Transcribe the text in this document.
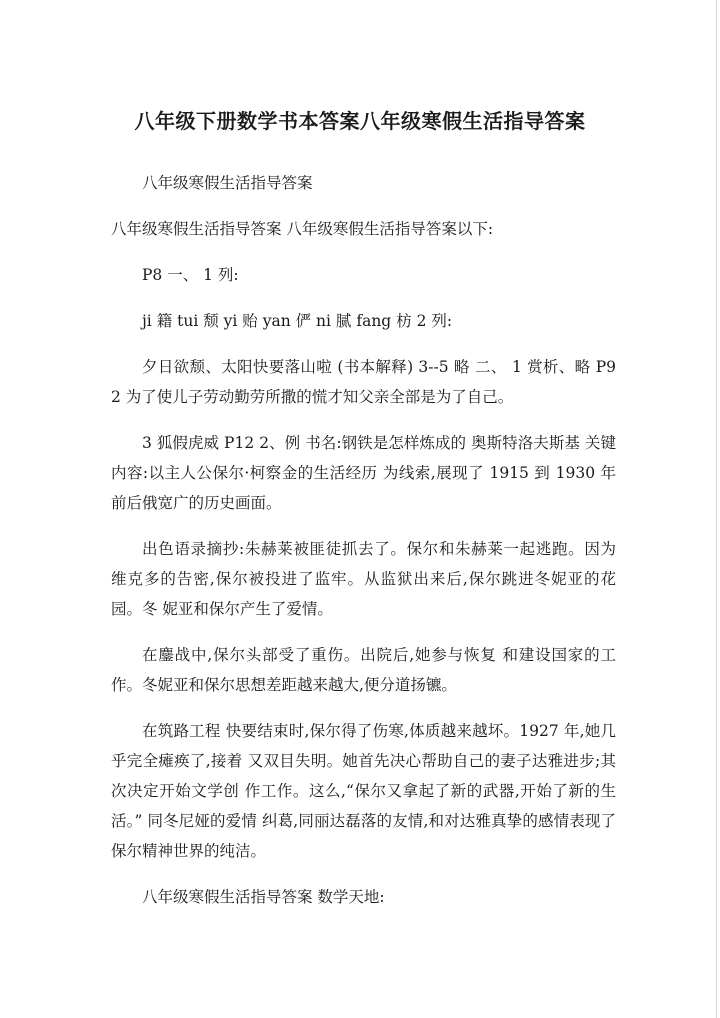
八年级下册数学书本答案八年级寒假生活指导答案

八年级寒假生活指导答案

八年级寒假生活指导答案 八年级寒假生活指导答案以下:

P8 一、 1 列:

ji 籍 tui 颓 yi 贻 yan 俨 ni 腻 fang 枋 2 列:

夕日欲颓、太阳快要落山啦 (书本解释) 3--5 略 二、 1 赏析、略 P9 2 为了使儿子劳动勤劳所撒的慌才知父亲全部是为了自己。

3 狐假虎威 P12 2、例 书名:钢铁是怎样炼成的 奥斯特洛夫斯基 关键内容:以主人公保尔·柯察金的生活经历 为线索,展现了 1915 到 1930 年前后俄宽广的历史画面。

出色语录摘抄:朱赫莱被匪徒抓去了。保尔和朱赫莱一起逃跑。因为 维克多的告密,保尔被投进了监牢。从监狱出来后,保尔跳进冬妮亚的花园。冬 妮亚和保尔产生了爱情。

在鏖战中,保尔头部受了重伤。出院后,她参与恢复 和建设国家的工作。冬妮亚和保尔思想差距越来越大,便分道扬镳。

在筑路工程 快要结束时,保尔得了伤寒,体质越来越坏。1927 年,她几乎完全瘫痪了,接着 又双目失明。她首先决心帮助自己的妻子达雅进步;其次决定开始文学创 作工作。这么,“保尔又拿起了新的武器,开始了新的生活。” 同冬尼娅的爱情 纠葛,同丽达磊落的友情,和对达雅真挚的感情表现了保尔精神世界的纯洁。

八年级寒假生活指导答案 数学天地:
